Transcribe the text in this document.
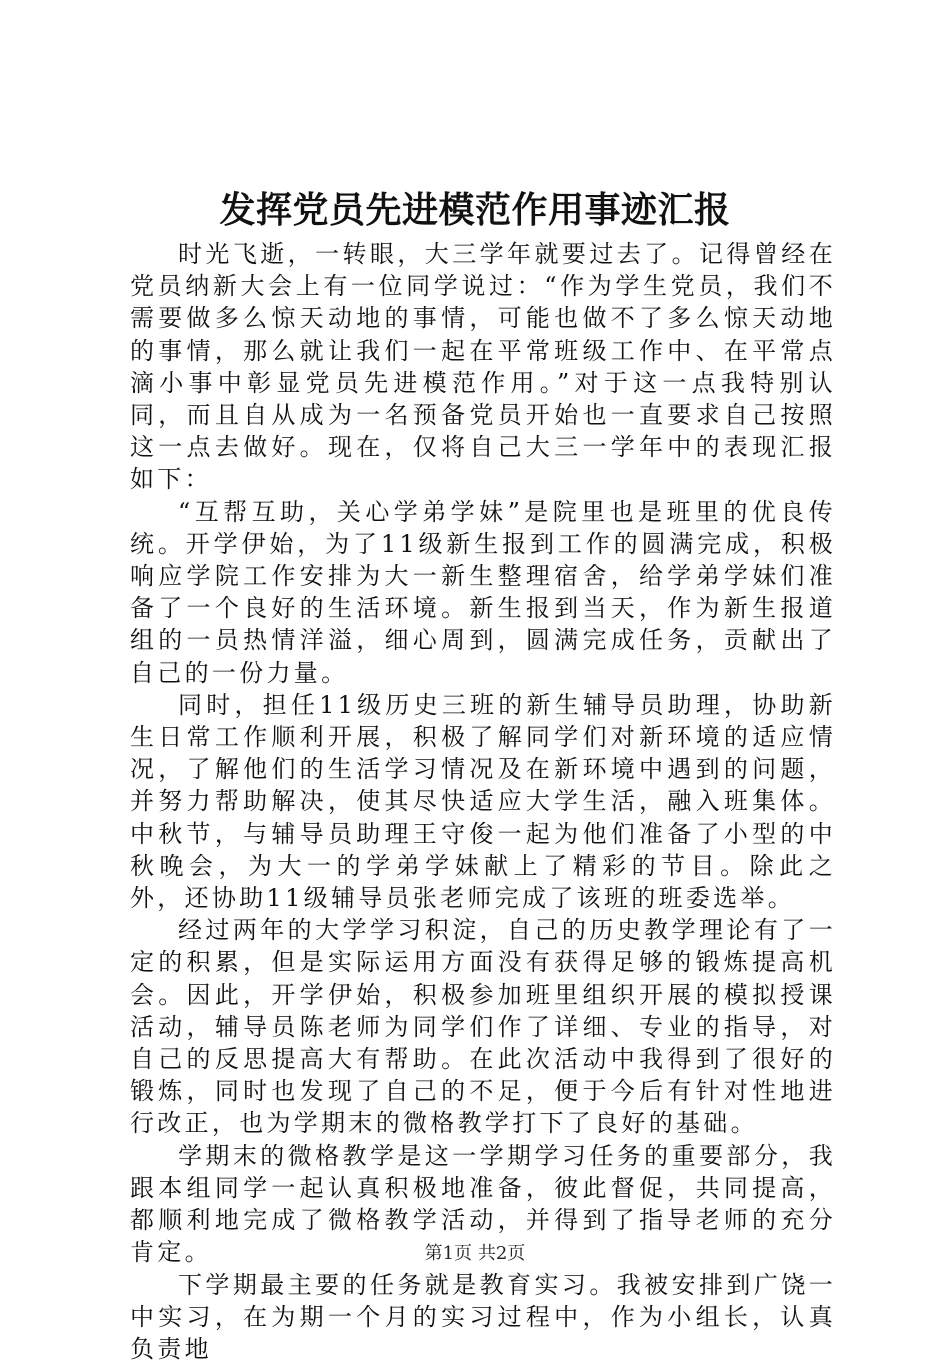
发挥党员先进模范作用事迹汇报

时光飞逝，一转眼，大三学年就要过去了。记得曾经在党员纳新大会上有一位同学说过：“作为学生党员，我们不需要做多么惊天动地的事情，可能也做不了多么惊天动地的事情，那么就让我们一起在平常班级工作中、在平常点滴小事中彰显党员先进模范作用。”对于这一点我特别认同，而且自从成为一名预备党员开始也一直要求自己按照这一点去做好。现在，仅将自己大三一学年中的表现汇报如下：

“互帮互助，关心学弟学妹”是院里也是班里的优良传统。开学伊始，为了11级新生报到工作的圆满完成，积极响应学院工作安排为大一新生整理宿舍，给学弟学妹们准备了一个良好的生活环境。新生报到当天，作为新生报道组的一员热情洋溢，细心周到，圆满完成任务，贡献出了自己的一份力量。

同时，担任11级历史三班的新生辅导员助理，协助新生日常工作顺利开展，积极了解同学们对新环境的适应情况，了解他们的生活学习情况及在新环境中遇到的问题，并努力帮助解决，使其尽快适应大学生活，融入班集体。中秋节，与辅导员助理王守俊一起为他们准备了小型的中秋晚会，为大一的学弟学妹献上了精彩的节目。除此之外，还协助11级辅导员张老师完成了该班的班委选举。

经过两年的大学学习积淀，自己的历史教学理论有了一定的积累，但是实际运用方面没有获得足够的锻炼提高机会。因此，开学伊始，积极参加班里组织开展的模拟授课活动，辅导员陈老师为同学们作了详细、专业的指导，对自己的反思提高大有帮助。在此次活动中我得到了很好的锻炼，同时也发现了自己的不足，便于今后有针对性地进行改正，也为学期末的微格教学打下了良好的基础。

学期末的微格教学是这一学期学习任务的重要部分，我跟本组同学一起认真积极地准备，彼此督促，共同提高，都顺利地完成了微格教学活动，并得到了指导老师的充分肯定。

下学期最主要的任务就是教育实习。我被安排到广饶一中实习，在为期一个月的实习过程中，作为小组长，认真负责地

第1页 共2页
